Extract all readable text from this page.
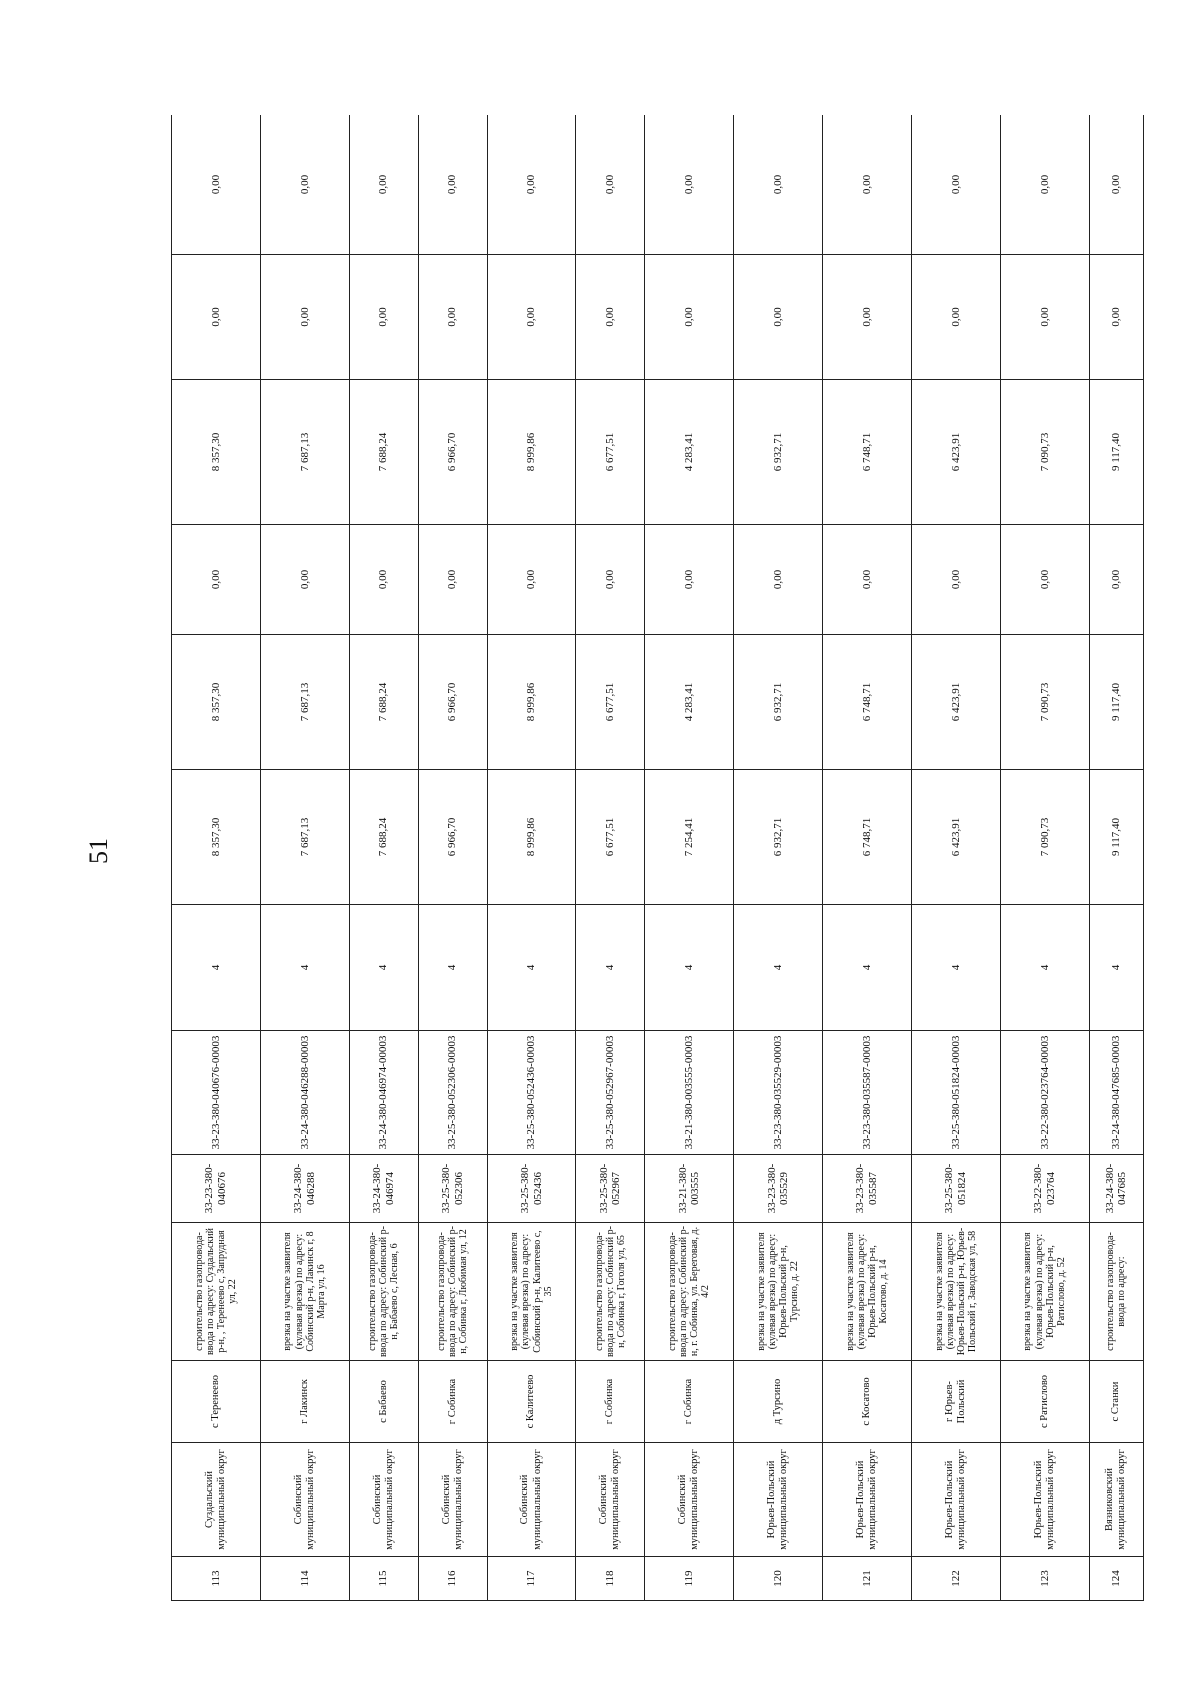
51
113	Суздальский муниципальный округ	с Теренеево	строительство газопровода-ввода по адресу: Суздальский р-н, , Теренеево с, Запрудная ул, 22	33-23-380-040676	33-23-380-040676-00003	4	8 357,30	8 357,30	0,00	8 357,30	0,00	0,00
114	Собинский муниципальный округ	г Лакинск	врезка на участке заявителя (кулевая врезка) по адресу: Собинский р-н, Лакинск г, 8 Марта ул, 16	33-24-380-046288	33-24-380-046288-00003	4	7 687,13	7 687,13	0,00	7 687,13	0,00	0,00
115	Собинский муниципальный округ	с Бабаево	строительство газопровода-ввода по адресу: Собинский р-н, Бабаево с, Лесная, 6	33-24-380-046974	33-24-380-046974-00003	4	7 688,24	7 688,24	0,00	7 688,24	0,00	0,00
116	Собинский муниципальный округ	г Собинка	строительство газопровода-ввода по адресу: Собинский р-н, Собинка г, Любимая ул, 12	33-25-380-052306	33-25-380-052306-00003	4	6 966,70	6 966,70	0,00	6 966,70	0,00	0,00
117	Собинский муниципальный округ	с Калитеево	врезка на участке заявителя (кулевая врезка) по адресу: Собинский р-н, Калитеево с, 35	33-25-380-052436	33-25-380-052436-00003	4	8 999,86	8 999,86	0,00	8 999,86	0,00	0,00
118	Собинский муниципальный округ	г Собинка	строительство газопровода-ввода по адресу: Собинский р-н, Собинка г, Гоголя ул, 65	33-25-380-052967	33-25-380-052967-00003	4	6 677,51	6 677,51	0,00	6 677,51	0,00	0,00
119	Собинский муниципальный округ	г Собинка	строительство газопровода-ввода по адресу: Собинский р-н, г. Собинка, ул. Береговая, д. 4/2	33-21-380-003555	33-21-380-003555-00003	4	7 254,41	4 283,41	0,00	4 283,41	0,00	0,00
120	Юрьев-Польский муниципальный округ	д Турсино	врезка на участке заявителя (кулевая врезка) по адресу: Юрьев-Польский р-н, Турсино, д. 22	33-23-380-035529	33-23-380-035529-00003	4	6 932,71	6 932,71	0,00	6 932,71	0,00	0,00
121	Юрьев-Польский муниципальный округ	с Косатово	врезка на участке заявителя (кулевая врезка) по адресу: Юрьев-Польский р-н, Косатово, д. 14	33-23-380-035587	33-23-380-035587-00003	4	6 748,71	6 748,71	0,00	6 748,71	0,00	0,00
122	Юрьев-Польский муниципальный округ	г Юрьев-Польский	врезка на участке заявителя (кулевая врезка) по адресу: Юрьев-Польский р-н, Юрьев-Польский г, Заводская ул, 58	33-25-380-051824	33-25-380-051824-00003	4	6 423,91	6 423,91	0,00	6 423,91	0,00	0,00
123	Юрьев-Польский муниципальный округ	с Ратислово	врезка на участке заявителя (кулевая врезка) по адресу: Юрьев-Польский р-н, Ратислово, д. 52	33-22-380-023764	33-22-380-023764-00003	4	7 090,73	7 090,73	0,00	7 090,73	0,00	0,00
124	Вязниковский муниципальный округ	с Станки	строительство газопровода-ввода по адресу:	33-24-380-047685	33-24-380-047685-00003	4	9 117,40	9 117,40	0,00	9 117,40	0,00	0,00
